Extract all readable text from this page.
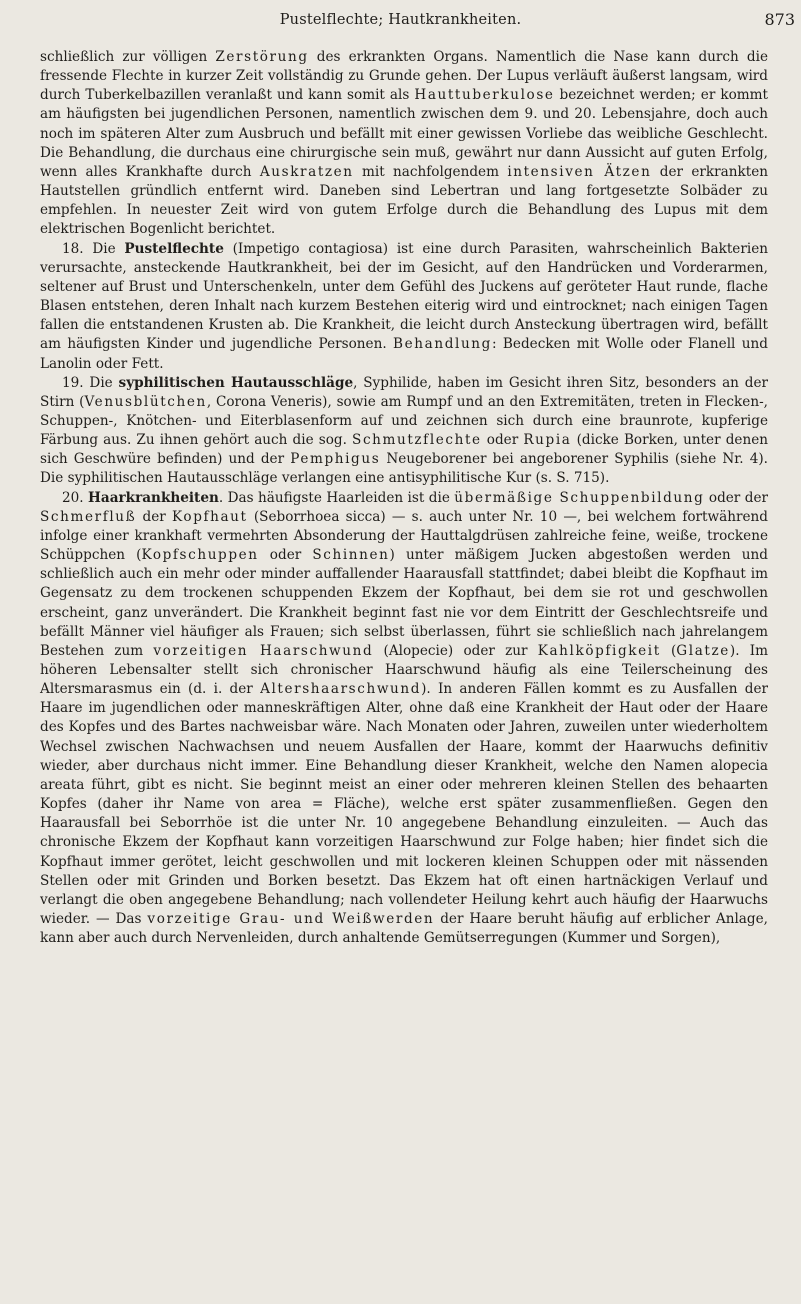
Pustelflechte; Hautkrankheiten.	873

schließlich zur völligen Zerstörung des erkrankten Organs. Namentlich die Nase kann durch die fressende Flechte in kurzer Zeit vollständig zu Grunde gehen. Der Lupus verläuft äußerst langsam, wird durch Tuberkelbazillen veranlaßt und kann somit als Hauttuberkulose bezeichnet werden; er kommt am häufigsten bei jugendlichen Personen, namentlich zwischen dem 9. und 20. Lebensjahre, doch auch noch im späteren Alter zum Ausbruch und befällt mit einer gewissen Vorliebe das weibliche Geschlecht. Die Behandlung, die durchaus eine chirurgische sein muß, gewährt nur dann Aussicht auf guten Erfolg, wenn alles Krankhafte durch Auskratzen mit nachfolgendem intensiven Ätzen der erkrankten Hautstellen gründlich entfernt wird. Daneben sind Lebertran und lang fortgesetzte Solbäder zu empfehlen. In neuester Zeit wird von gutem Erfolge durch die Behandlung des Lupus mit dem elektrischen Bogenlicht berichtet.

18. Die Pustelflechte (Impetigo contagiosa) ist eine durch Parasiten, wahrscheinlich Bakterien verursachte, ansteckende Hautkrankheit, bei der im Gesicht, auf den Handrücken und Vorderarmen, seltener auf Brust und Unterschenkeln, unter dem Gefühl des Juckens auf geröteter Haut runde, flache Blasen entstehen, deren Inhalt nach kurzem Bestehen eiterig wird und eintrocknet; nach einigen Tagen fallen die entstandenen Krusten ab. Die Krankheit, die leicht durch Ansteckung übertragen wird, befällt am häufigsten Kinder und jugendliche Personen. Behandlung: Bedecken mit Wolle oder Flanell und Lanolin oder Fett.

19. Die syphilitischen Hautausschläge, Syphilide, haben im Gesicht ihren Sitz, besonders an der Stirn (Venusblütchen, Corona Veneris), sowie am Rumpf und an den Extremitäten, treten in Flecken-, Schuppen-, Knötchen- und Eiterblasenform auf und zeichnen sich durch eine braunrote, kupferige Färbung aus. Zu ihnen gehört auch die sog. Schmutzflechte oder Rupia (dicke Borken, unter denen sich Geschwüre befinden) und der Pemphigus Neugeborener bei angeborener Syphilis (siehe Nr. 4). Die syphilitischen Hautausschläge verlangen eine antisyphilitische Kur (s. S. 715).

20. Haarkrankheiten. Das häufigste Haarleiden ist die übermäßige Schuppenbildung oder der Schmerfluß der Kopfhaut (Seborrhoea sicca) — s. auch unter Nr. 10 —, bei welchem fortwährend infolge einer krankhaft vermehrten Absonderung der Hauttalgdrüsen zahlreiche feine, weiße, trockene Schüppchen (Kopfschuppen oder Schinnen) unter mäßigem Jucken abgestoßen werden und schließlich auch ein mehr oder minder auffallender Haarausfall stattfindet; dabei bleibt die Kopfhaut im Gegensatz zu dem trockenen schuppenden Ekzem der Kopfhaut, bei dem sie rot und geschwollen erscheint, ganz unverändert. Die Krankheit beginnt fast nie vor dem Eintritt der Geschlechtsreife und befällt Männer viel häufiger als Frauen; sich selbst überlassen, führt sie schließlich nach jahrelangem Bestehen zum vorzeitigen Haarschwund (Alopecie) oder zur Kahlköpfigkeit (Glatze). Im höheren Lebensalter stellt sich chronischer Haarschwund häufig als eine Teilerscheinung des Altersmarasmus ein (d. i. der Altershaarschwund). In anderen Fällen kommt es zu Ausfallen der Haare im jugendlichen oder manneskräftigen Alter, ohne daß eine Krankheit der Haut oder der Haare des Kopfes und des Bartes nachweisbar wäre. Nach Monaten oder Jahren, zuweilen unter wiederholtem Wechsel zwischen Nachwachsen und neuem Ausfallen der Haare, kommt der Haarwuchs definitiv wieder, aber durchaus nicht immer. Eine Behandlung dieser Krankheit, welche den Namen alopecia areata führt, gibt es nicht. Sie beginnt meist an einer oder mehreren kleinen Stellen des behaarten Kopfes (daher ihr Name von area = Fläche), welche erst später zusammenfließen. Gegen den Haarausfall bei Seborrhöe ist die unter Nr. 10 angegebene Behandlung einzuleiten. — Auch das chronische Ekzem der Kopfhaut kann vorzeitigen Haarschwund zur Folge haben; hier findet sich die Kopfhaut immer gerötet, leicht geschwollen und mit lockeren kleinen Schuppen oder mit nässenden Stellen oder mit Grinden und Borken besetzt. Das Ekzem hat oft einen hartnäckigen Verlauf und verlangt die oben angegebene Behandlung; nach vollendeter Heilung kehrt auch häufig der Haarwuchs wieder. — Das vorzeitige Grau- und Weißwerden der Haare beruht häufig auf erblicher Anlage, kann aber auch durch Nervenleiden, durch anhaltende Gemütserregungen (Kummer und Sorgen),
